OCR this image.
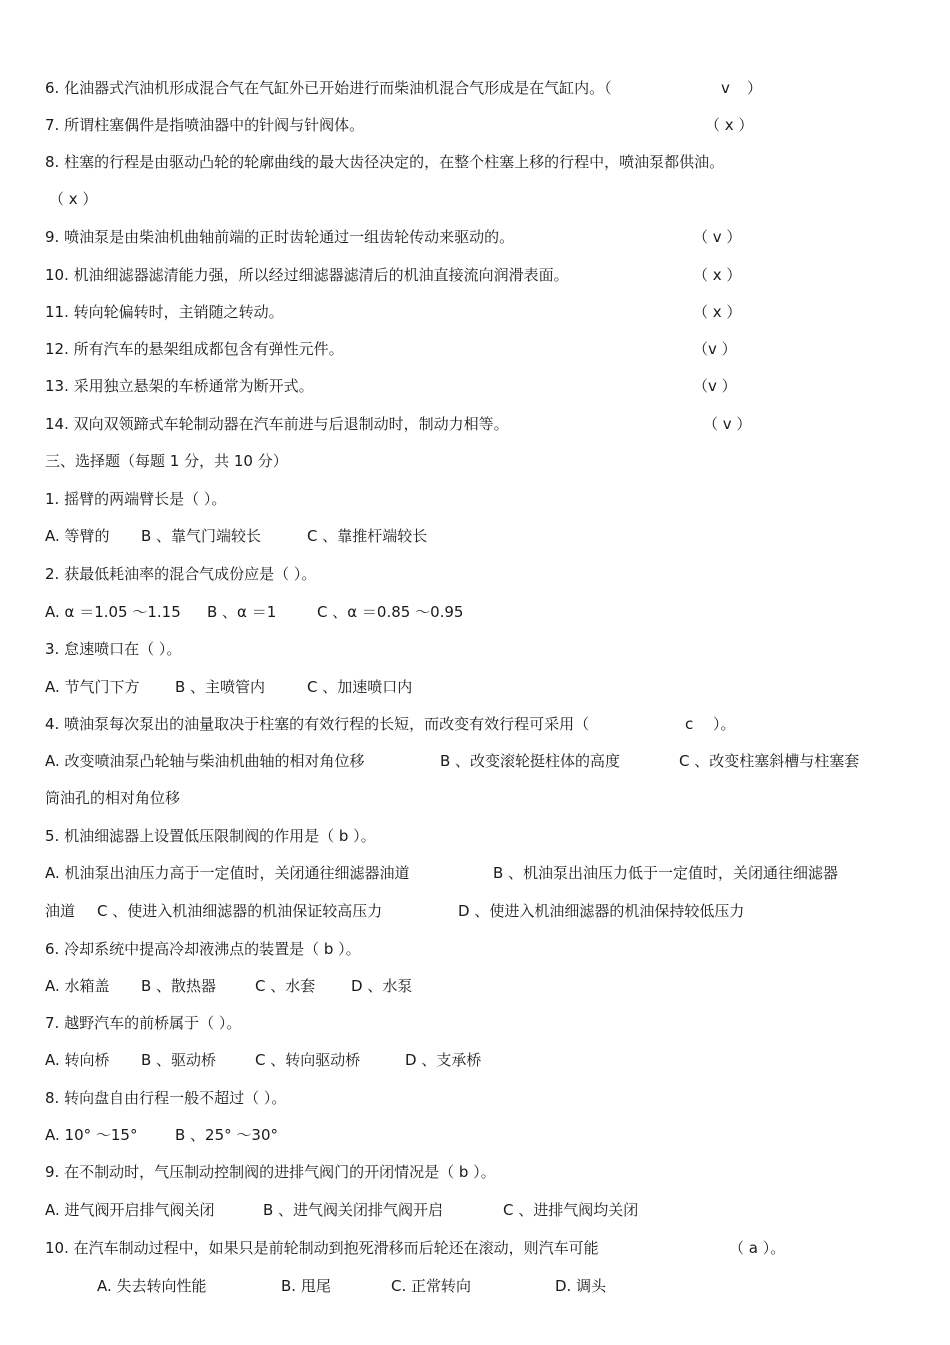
6. 化油器式汽油机形成混合气在气缸外已开始进行而柴油机混合气形成是在气缸内。（	v ）
7. 所谓柱塞偶件是指喷油器中的针阀与针阀体。	（ x ）
8. 柱塞的行程是由驱动凸轮的轮廓曲线的最大齿径决定的，在整个柱塞上移的行程中，喷油泵都供油。
（ x ）
9. 喷油泵是由柴油机曲轴前端的正时齿轮通过一组齿轮传动来驱动的。	（ v ）
10. 机油细滤器滤清能力强，所以经过细滤器滤清后的机油直接流向润滑表面。	（ x ）
11. 转向轮偏转时，主销随之转动。	（ x ）
12. 所有汽车的悬架组成都包含有弹性元件。	（v ）
13. 采用独立悬架的车桥通常为断开式。	（v ）
14. 双向双领蹄式车轮制动器在汽车前进与后退制动时，制动力相等。	（ v ）
三、选择题（每题 1 分，共 10 分）
1. 摇臂的两端臂长是（ ）。
A. 等臂的 B 、靠气门端较长	C 、靠推杆端较长
2. 获最低耗油率的混合气成份应是（ ）。
A. α ＝1.05 ～1.15 B 、α ＝1	C 、α ＝0.85 ～0.95
3. 怠速喷口在（ ）。
A. 节气门下方 B 、主喷管内	C 、加速喷口内
4. 喷油泵每次泵出的油量取决于柱塞的有效行程的长短，而改变有效行程可采用（	c ）。
A. 改变喷油泵凸轮轴与柴油机曲轴的相对角位移	B 、改变滚轮挺柱体的高度	C 、改变柱塞斜槽与柱塞套
筒油孔的相对角位移
5. 机油细滤器上设置低压限制阀的作用是（ b ）。
A. 机油泵出油压力高于一定值时，关闭通往细滤器油道	B 、机油泵出油压力低于一定值时，关闭通往细滤器
油道 C 、使进入机油细滤器的机油保证较高压力	D 、使进入机油细滤器的机油保持较低压力
6. 冷却系统中提高冷却液沸点的装置是（ b ）。
A. 水箱盖 B 、散热器	C 、水套 D 、水泵
7. 越野汽车的前桥属于（ ）。
A. 转向桥 B 、驱动桥	C 、转向驱动桥	D 、支承桥
8. 转向盘自由行程一般不超过（ ）。
A. 10° ～15°	B 、25° ～30°
9. 在不制动时，气压制动控制阀的进排气阀门的开闭情况是（ b ）。
A. 进气阀开启排气阀关闭	B 、进气阀关闭排气阀开启	C 、进排气阀均关闭
10. 在汽车制动过程中，如果只是前轮制动到抱死滑移而后轮还在滚动，则汽车可能	（ a ）。
A. 失去转向性能	B. 甩尾	C. 正常转向	D. 调头
